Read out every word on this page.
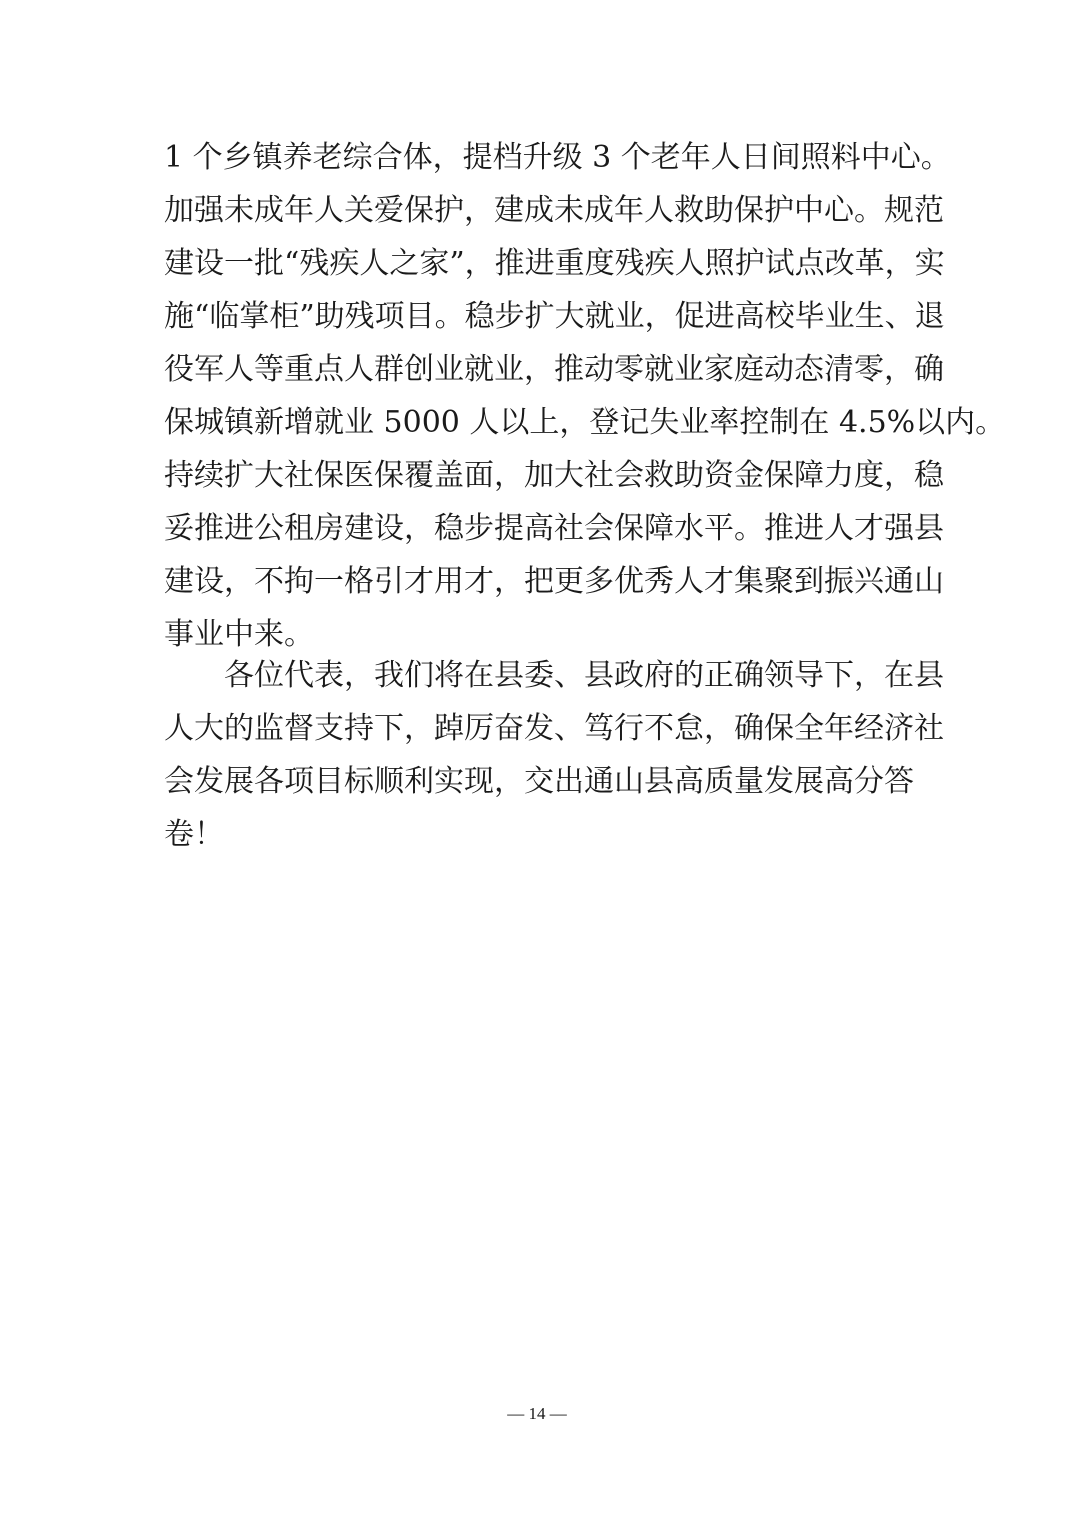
1 个乡镇养老综合体，提档升级 3 个老年人日间照料中心。
加强未成年人关爱保护，建成未成年人救助保护中心。规范
建设一批“残疾人之家”，推进重度残疾人照护试点改革，实
施“临掌柜”助残项目。稳步扩大就业，促进高校毕业生、退
役军人等重点人群创业就业，推动零就业家庭动态清零，确
保城镇新增就业 5000 人以上，登记失业率控制在 4.5%以内。
持续扩大社保医保覆盖面，加大社会救助资金保障力度，稳
妥推进公租房建设，稳步提高社会保障水平。推进人才强县
建设，不拘一格引才用才，把更多优秀人才集聚到振兴通山
事业中来。
各位代表，我们将在县委、县政府的正确领导下，在县
人大的监督支持下，踔厉奋发、笃行不怠，确保全年经济社
会发展各项目标顺利实现，交出通山县高质量发展高分答
卷！
— 14 —
